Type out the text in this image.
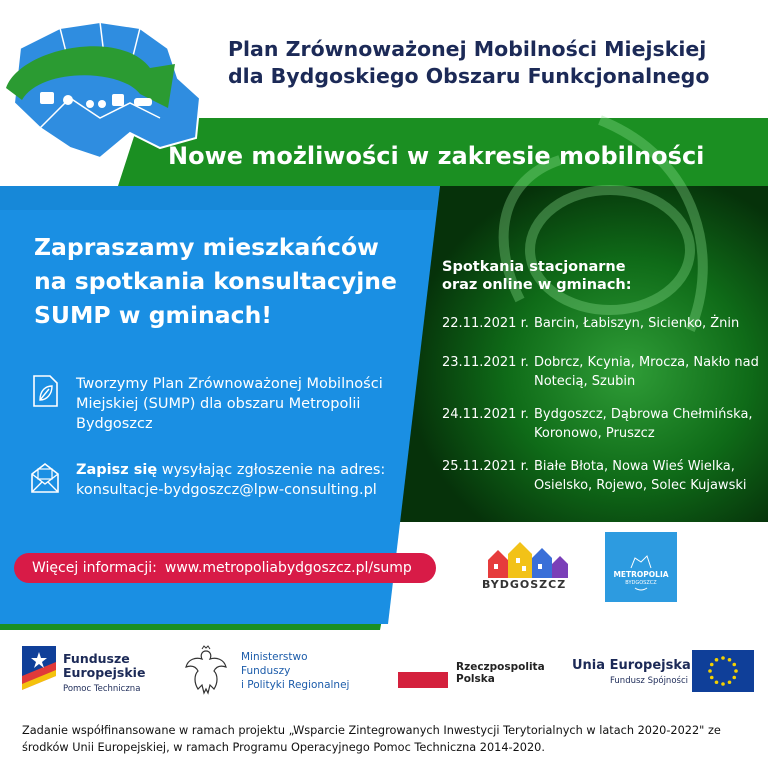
Plan Zrównoważonej Mobilności Miejskiej
dla Bydgoskiego Obszaru Funkcjonalnego
Nowe możliwości w zakresie mobilności
Zapraszamy mieszkańców
na spotkania konsultacyjne
SUMP w gminach!
Tworzymy Plan Zrównoważonej Mobilności Miejskiej (SUMP) dla obszaru Metropolii Bydgoszcz
Zapisz się wysyłając zgłoszenie na adres:
konsultacje-bydgoszcz@lpw-consulting.pl
Spotkania stacjonarne
oraz online w gminach:
22.11.2021 r. Barcin, Łabiszyn, Sicienko, Żnin
23.11.2021 r. Dobrcz, Kcynia, Mrocza, Nakło nad Notecią, Szubin
24.11.2021 r. Bydgoszcz, Dąbrowa Chełmińska, Koronowo, Pruszcz
25.11.2021 r. Białe Błota, Nowa Wieś Wielka, Osielsko, Rojewo, Solec Kujawski
Więcej informacji: www.metropoliabydgoszcz.pl/sump
BYDGOSZCZ
METROPOLIA
BYDGOSZCZ
Fundusze Europejskie
Pomoc Techniczna
Ministerstwo
Funduszy
i Polityki Regionalnej
Rzeczpospolita
Polska
Unia Europejska
Fundusz Spójności
Zadanie współfinansowane w ramach projektu „Wsparcie Zintegrowanych Inwestycji Terytorialnych w latach 2020-2022" ze środków Unii Europejskiej, w ramach Programu Operacyjnego Pomoc Techniczna 2014-2020.
